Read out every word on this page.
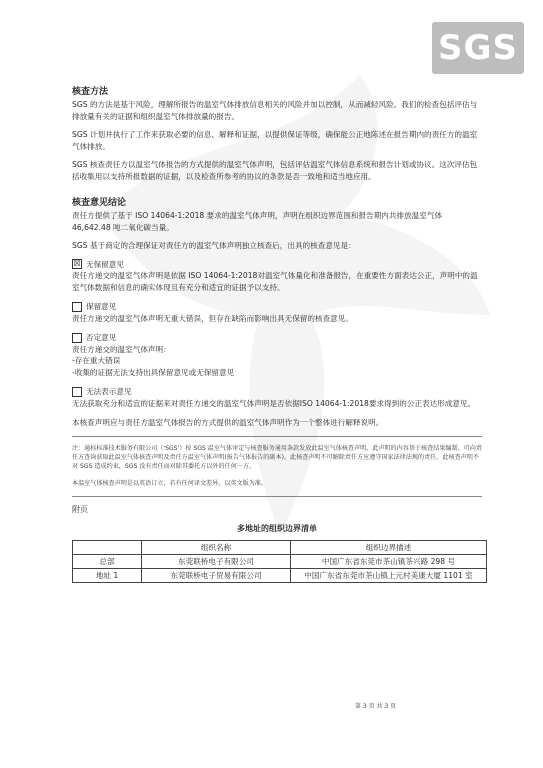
SGS
核查方法

SGS 的方法是基于风险，理解所报告的温室气体排放信息相关的风险并加以控制，从而减轻风险。我们的检查包括评估与排放量有关的证据和组织温室气体排放量的报告。

SGS 计划并执行了工作来获取必要的信息、解释和证据，以提供保证等级，确保能公正地陈述在报告期内的责任方的温室气体排放。

SGS 核查责任方以温室气体报告的方式提供的温室气体声明，包括评估温室气体信息系统和报告计划或协议。这次评估包括收集用以支持所报数据的证据，以及检查所参考的协议的条款是否一致地和适当地应用。

核查意见结论

责任方提供了基于 ISO 14064-1:2018 要求的温室气体声明，声明在组织边界范围和报告期内共排放温室气体 46,642.48 吨二氧化碳当量。

SGS 基于商定的合理保证对责任方的温室气体声明独立核查后，出具的核查意见是：

☒ 无保留意见
责任方递交的温室气体声明是依据 ISO 14064-1:2018对温室气体量化和准备报告，在重要性方面表达公正，声明中的温室气体数据和信息的确实体现且有充分和适宜的证据予以支持。
保留意见
责任方递交的温室气体声明无重大错误，但存在缺陷而影响出具无保留的核查意见。
否定意见
责任方递交的温室气体声明：
-存在重大错误
-收集的证据无法支持出具保留意见或无保留意见
无法表示意见
无法获取充分和适宜的证据来对责任方递交的温室气体声明是否依据ISO 14064-1:2018要求得到的公正表达形成意见。

本核查声明应与责任方温室气体报告的方式提供的温室气体声明作为一个整体进行解释说明。

注：通标标准技术服务有限公司（'SGS'）按 SGS 温室气体审定与核查服务通用条款发放此温室气体核查声明。此声明的内容基于核查结果编制。可向责任方查询获取此温室气体核查声明及责任方温室气体声明(报告气体报告的副本)。此核查声明不可解除责任方应遵守国家法律法规的责任。此核查声明不对 SGS 造成约束，SGS 没有责任而对除其委托方以外的任何一方。
本温室气体核查声明是以英语订立，若有任何译文差异，以英文版为准。
附页
多地址的组织边界清单
	组织名称	组织边界描述
总部	东莞联桥电子有限公司	中国广东省东莞市茶山镇茶兴路 298 号
地址 1	东莞联桥电子贸易有限公司	中国广东省东莞市茶山镇上元村美康大厦 1101 室
第 3 页 共 3 页
